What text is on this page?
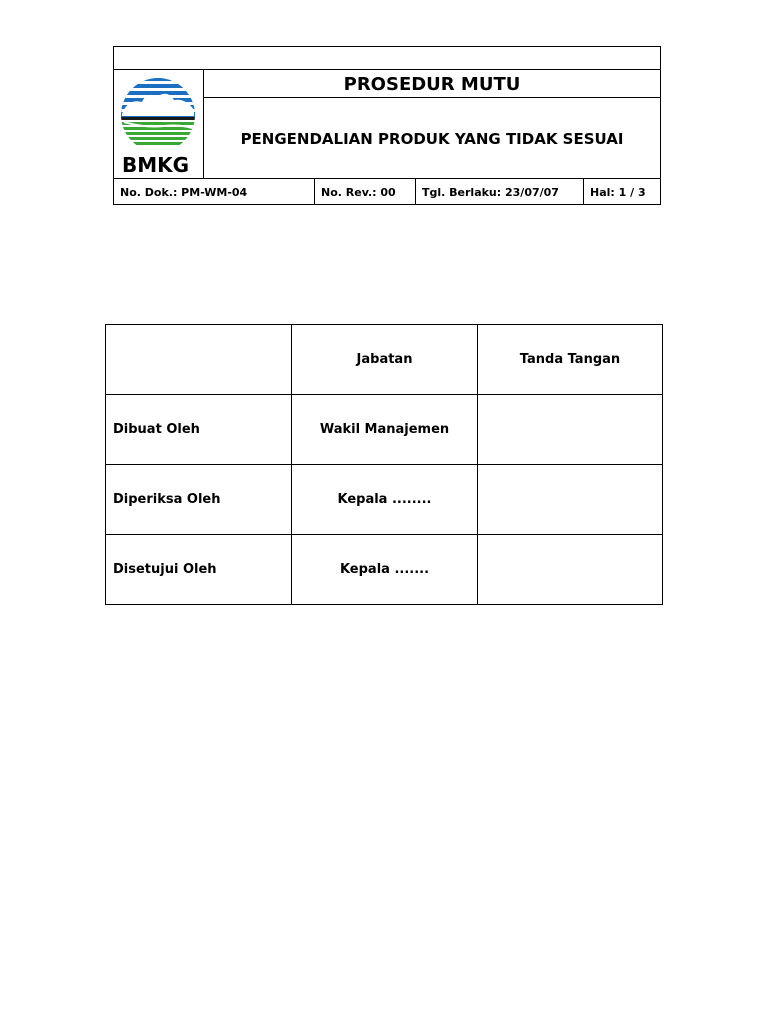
BMKG
PROSEDUR MUTU
PENGENDALIAN PRODUK YANG TIDAK SESUAI
No. Dok.: PM-WM-04	No. Rev.: 00	Tgl. Berlaku: 23/07/07	Hal: 1 / 3
	Jabatan	Tanda Tangan
Dibuat Oleh	Wakil Manajemen	
Diperiksa Oleh	Kepala ........	
Disetujui Oleh	Kepala .......	
